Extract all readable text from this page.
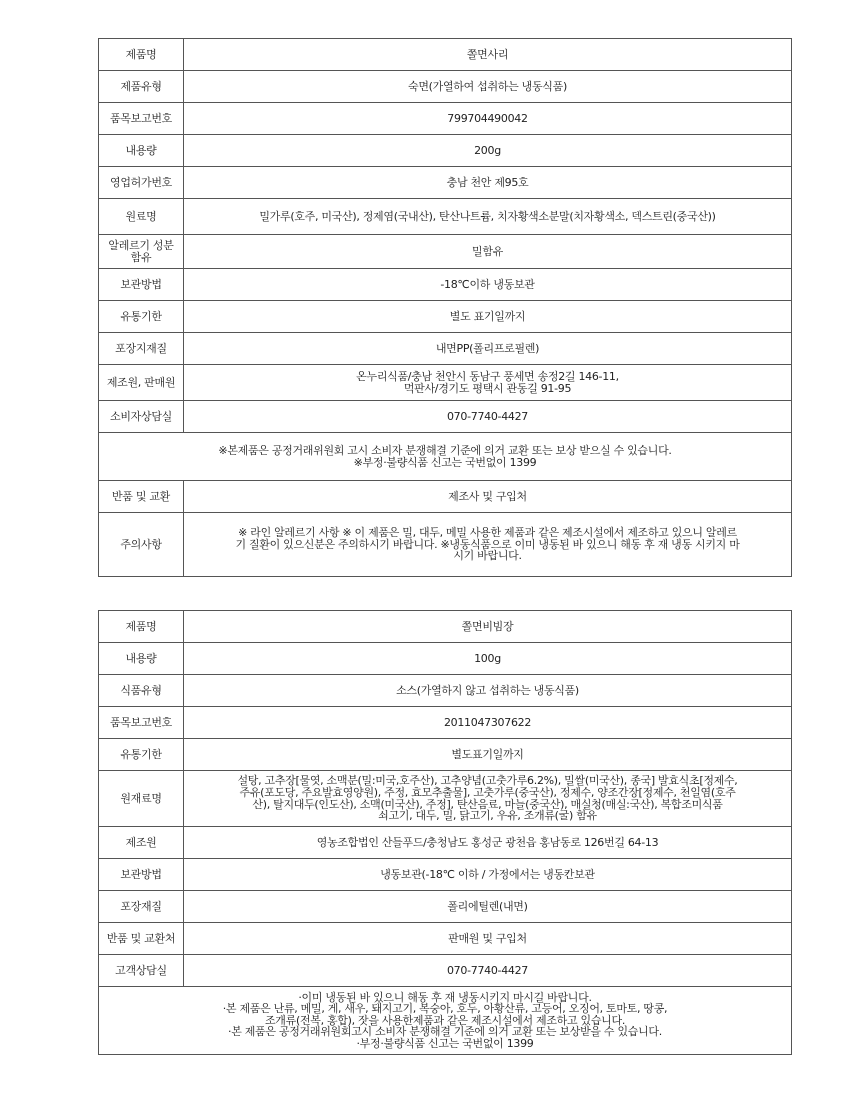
제품명	쫄면사리
제품유형	숙면(가열하여 섭취하는 냉동식품)
품목보고번호	799704490042
내용량	200g
영업허가번호	충남 천안 제95호
원료명	밀가루(호주, 미국산), 정제염(국내산), 탄산나트륨, 치자황색소분말(치자황색소, 덱스트린(중국산))
알레르기 성분 함유	밀함유
보관방법	-18℃이하 냉동보관
유통기한	별도 표기일까지
포장지재질	내면PP(폴리프로필렌)
제조원, 판매원	온누리식품/충남 천안시 동남구 풍세면 송정2길 146-11,
먹판사/경기도 평택시 관동길 91-95

소비자상담실	070-7740-4427

※본제품은 공정거래위원회 고시 소비자 분쟁해결 기준에 의거 교환 또는 보상 받으실 수 있습니다.
※부정·불량식품 신고는 국번없이 1399	

반품 및 교환	제조사 및 구입처
주의사항	※ 라인 알레르기 사항 ※ 이 제품은 밀, 대두, 메밀 사용한 제품과 같은 제조시설에서 제조하고 있으니 알레르
기 질환이 있으신분은 주의하시기 바랍니다. ※냉동식품으로 이미 냉동된 바 있으니 해동 후 재 냉동 시키지 마
시기 바랍니다.
제품명	쫄면비빔장
내용량	100g
식품유형	소스(가열하지 않고 섭취하는 냉동식품)
품목보고번호	2011047307622
유통기한	별도표기일까지
원재료명	설탕, 고추장[물엿, 소맥분(밀:미국,호주산), 고추양념(고춧가루6.2%), 밀쌀(미국산), 종국] 발효식초[정제수,
주유(포도당, 주요발효영양원), 주정, 효모추출물], 고춧가루(중국산), 정제수, 양조간장[정제수, 천일염(호주
산), 탈지대두(인도산), 소맥(미국산), 주정], 탄산음료, 마늘(중국산), 매실청(매실:국산), 복합조미식품
쇠고기, 대두, 밀, 닭고기, 우유, 조개류(굴) 함유

제조원	영농조합법인 산들푸드/충청남도 홍성군 광천읍 홍남동로 126번길 64-13
보관방법	냉동보관(-18℃ 이하 / 가정에서는 냉동칸보관
포장재질	폴리에틸렌(내면)
반품 및 교환처	판매원 및 구입처
고객상담실	070-7740-4427

·이미 냉동된 바 있으니 해동 후 재 냉동시키지 마시길 바랍니다.
·본 제품은 난류, 메밀, 게, 새우, 돼지고기, 복숭아, 호두, 아황산류, 고등어, 오징어, 토마토, 땅콩,
조개류(전복, 홍합), 잣을 사용한제품과 같은 제조시설에서 제조하고 있습니다.
·본 제품은 공정거래위원회고시 소비자 분쟁해결 기준에 의거 교환 또는 보상받을 수 있습니다.
·부정·불량식품 신고는 국번없이 1399	
